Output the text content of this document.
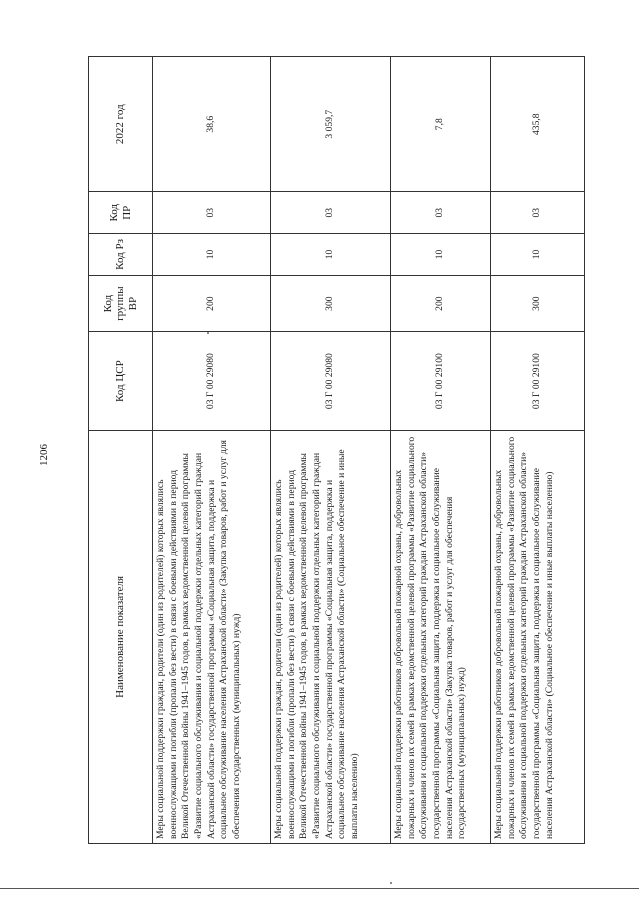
1206
Наименование показателя	Код ЦСР	Код группы ВР	Код Рз	Код ПР	2022 год
Меры социальной поддержки граждан, родители (один из родителей) которых являлись военнослужащими и погибли (пропали без вести) в связи с боевыми действиями в период Великой Отечественной войны 1941–1945 годов, в рамках ведомственной целевой программы «Развитие социального обслуживания и социальной поддержки отдельных категорий граждан Астраханской области» государственной программы «Социальная защита, поддержка и социальное обслуживание населения Астраханской области» (Закупка товаров, работ и услуг для обеспечения государственных (муниципальных) нужд)	03 Г 00 29080	200	10	03	38,6
Меры социальной поддержки граждан, родители (один из родителей) которых являлись военнослужащими и погибли (пропали без вести) в связи с боевыми действиями в период Великой Отечественной войны 1941–1945 годов, в рамках ведомственной целевой программы «Развитие социального обслуживания и социальной поддержки отдельных категорий граждан Астраханской области» государственной программы «Социальная защита, поддержка и социальное обслуживание населения Астраханской области» (Социальное обеспечение и иные выплаты населению)	03 Г 00 29080	300	10	03	3 059,7
Меры социальной поддержки работников добровольной пожарной охраны, добровольных пожарных и членов их семей в рамках ведомственной целевой программы «Развитие социального обслуживания и социальной поддержки отдельных категорий граждан Астраханской области» государственной программы «Социальная защита, поддержка и социальное обслуживание населения Астраханской области» (Закупка товаров, работ и услуг для обеспечения государственных (муниципальных) нужд)	03 Г 00 29100	200	10	03	7,8
Меры социальной поддержки работников добровольной пожарной охраны, добровольных пожарных и членов их семей в рамках ведомственной целевой программы «Развитие социального обслуживания и социальной поддержки отдельных категорий граждан Астраханской области» государственной программы «Социальная защита, поддержка и социальное обслуживание населения Астраханской области» (Социальное обеспечение и иные выплаты населению)	03 Г 00 29100	300	10	03	435,8
